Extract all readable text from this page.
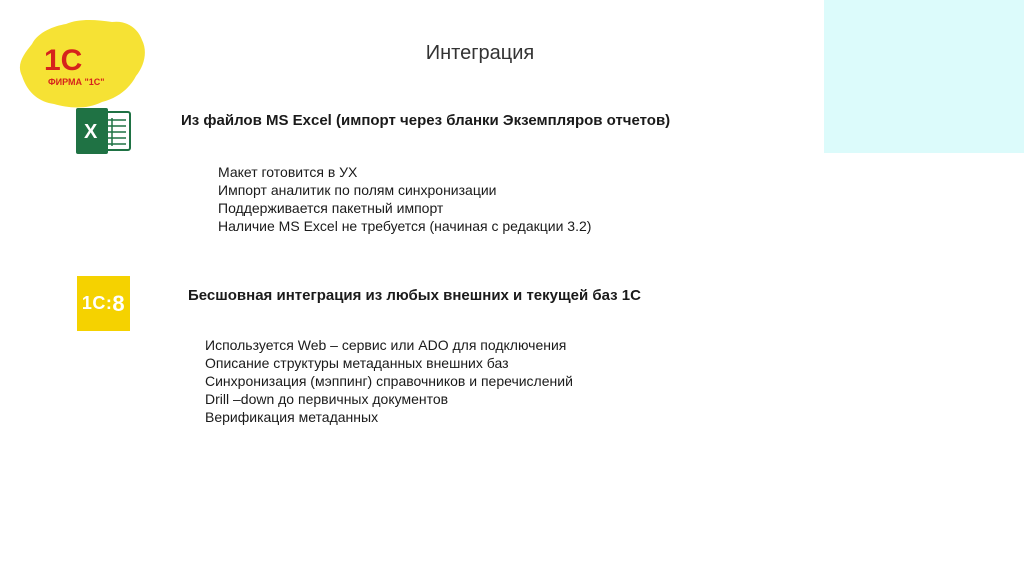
Интеграция
1С
ФИРМА "1С"
X
Из файлов MS Excel (импорт через бланки Экземпляров отчетов)
Макет готовится в УХ
Импорт аналитик по полям синхронизации
Поддерживается пакетный импорт
Наличие MS Excel не требуется (начиная с редакции 3.2)
1С: 8	Бесшовная интеграция из любых внешних и текущей баз 1С
Используется Web – сервис или ADO для подключения
Описание структуры метаданных внешних баз
Синхронизация (мэппинг) справочников и перечислений
Drill –down до первичных документов
Верификация метаданных
